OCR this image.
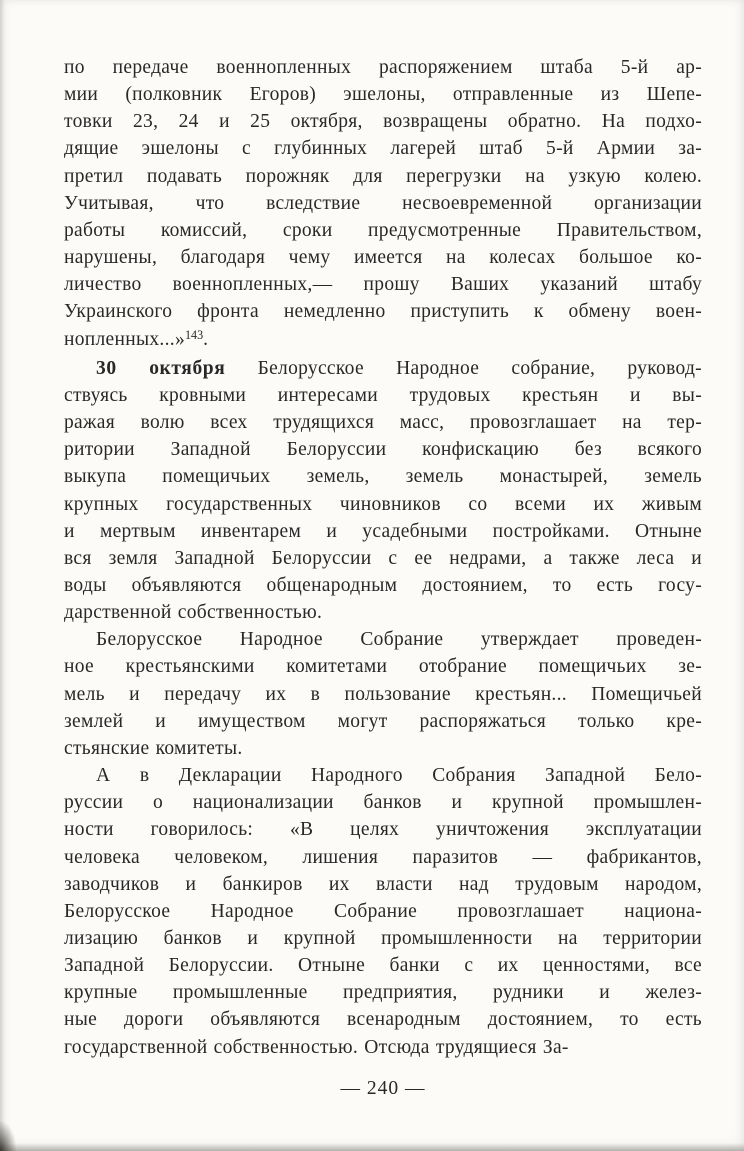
по передаче военнопленных распоряжением штаба 5-й ар-
мии (полковник Егоров) эшелоны, отправленные из Шепе-
товки 23, 24 и 25 октября, возвращены обратно. На подхо-
дящие эшелоны с глубинных лагерей штаб 5-й Армии за-
претил подавать порожняк для перегрузки на узкую колею.
Учитывая, что вследствие несвоевременной организации
работы комиссий, сроки предусмотренные Правительством,
нарушены, благодаря чему имеется на колесах большое ко-
личество военнопленных,— прошу Ваших указаний штабу
Украинского фронта немедленно приступить к обмену воен-
нопленных...»$^{143}$.
30 октября Белорусское Народное собрание, руковод-
ствуясь кровными интересами трудовых крестьян и вы-
ражая волю всех трудящихся масс, провозглашает на тер-
ритории Западной Белоруссии конфискацию без всякого
выкупа помещичьих земель, земель монастырей, земель
крупных государственных чиновников со всеми их живым
и мертвым инвентарем и усадебными постройками. Отныне
вся земля Западной Белоруссии с ее недрами, а также леса и
воды объявляются общенародным достоянием, то есть госу-
дарственной собственностью.
Белорусское Народное Собрание утверждает проведен-
ное крестьянскими комитетами отобрание помещичьих зе-
мель и передачу их в пользование крестьян... Помещичьей
землей и имуществом могут распоряжаться только кре-
стьянские комитеты.
А в Декларации Народного Собрания Западной Бело-
руссии о национализации банков и крупной промышлен-
ности говорилось: «В целях уничтожения эксплуатации
человека человеком, лишения паразитов — фабрикантов,
заводчиков и банкиров их власти над трудовым народом,
Белорусское Народное Собрание провозглашает национа-
лизацию банков и крупной промышленности на территории
Западной Белоруссии. Отныне банки с их ценностями, все
крупные промышленные предприятия, рудники и желез-
ные дороги объявляются всенародным достоянием, то есть
государственной собственностью. Отсюда трудящиеся За-
— 240 —
